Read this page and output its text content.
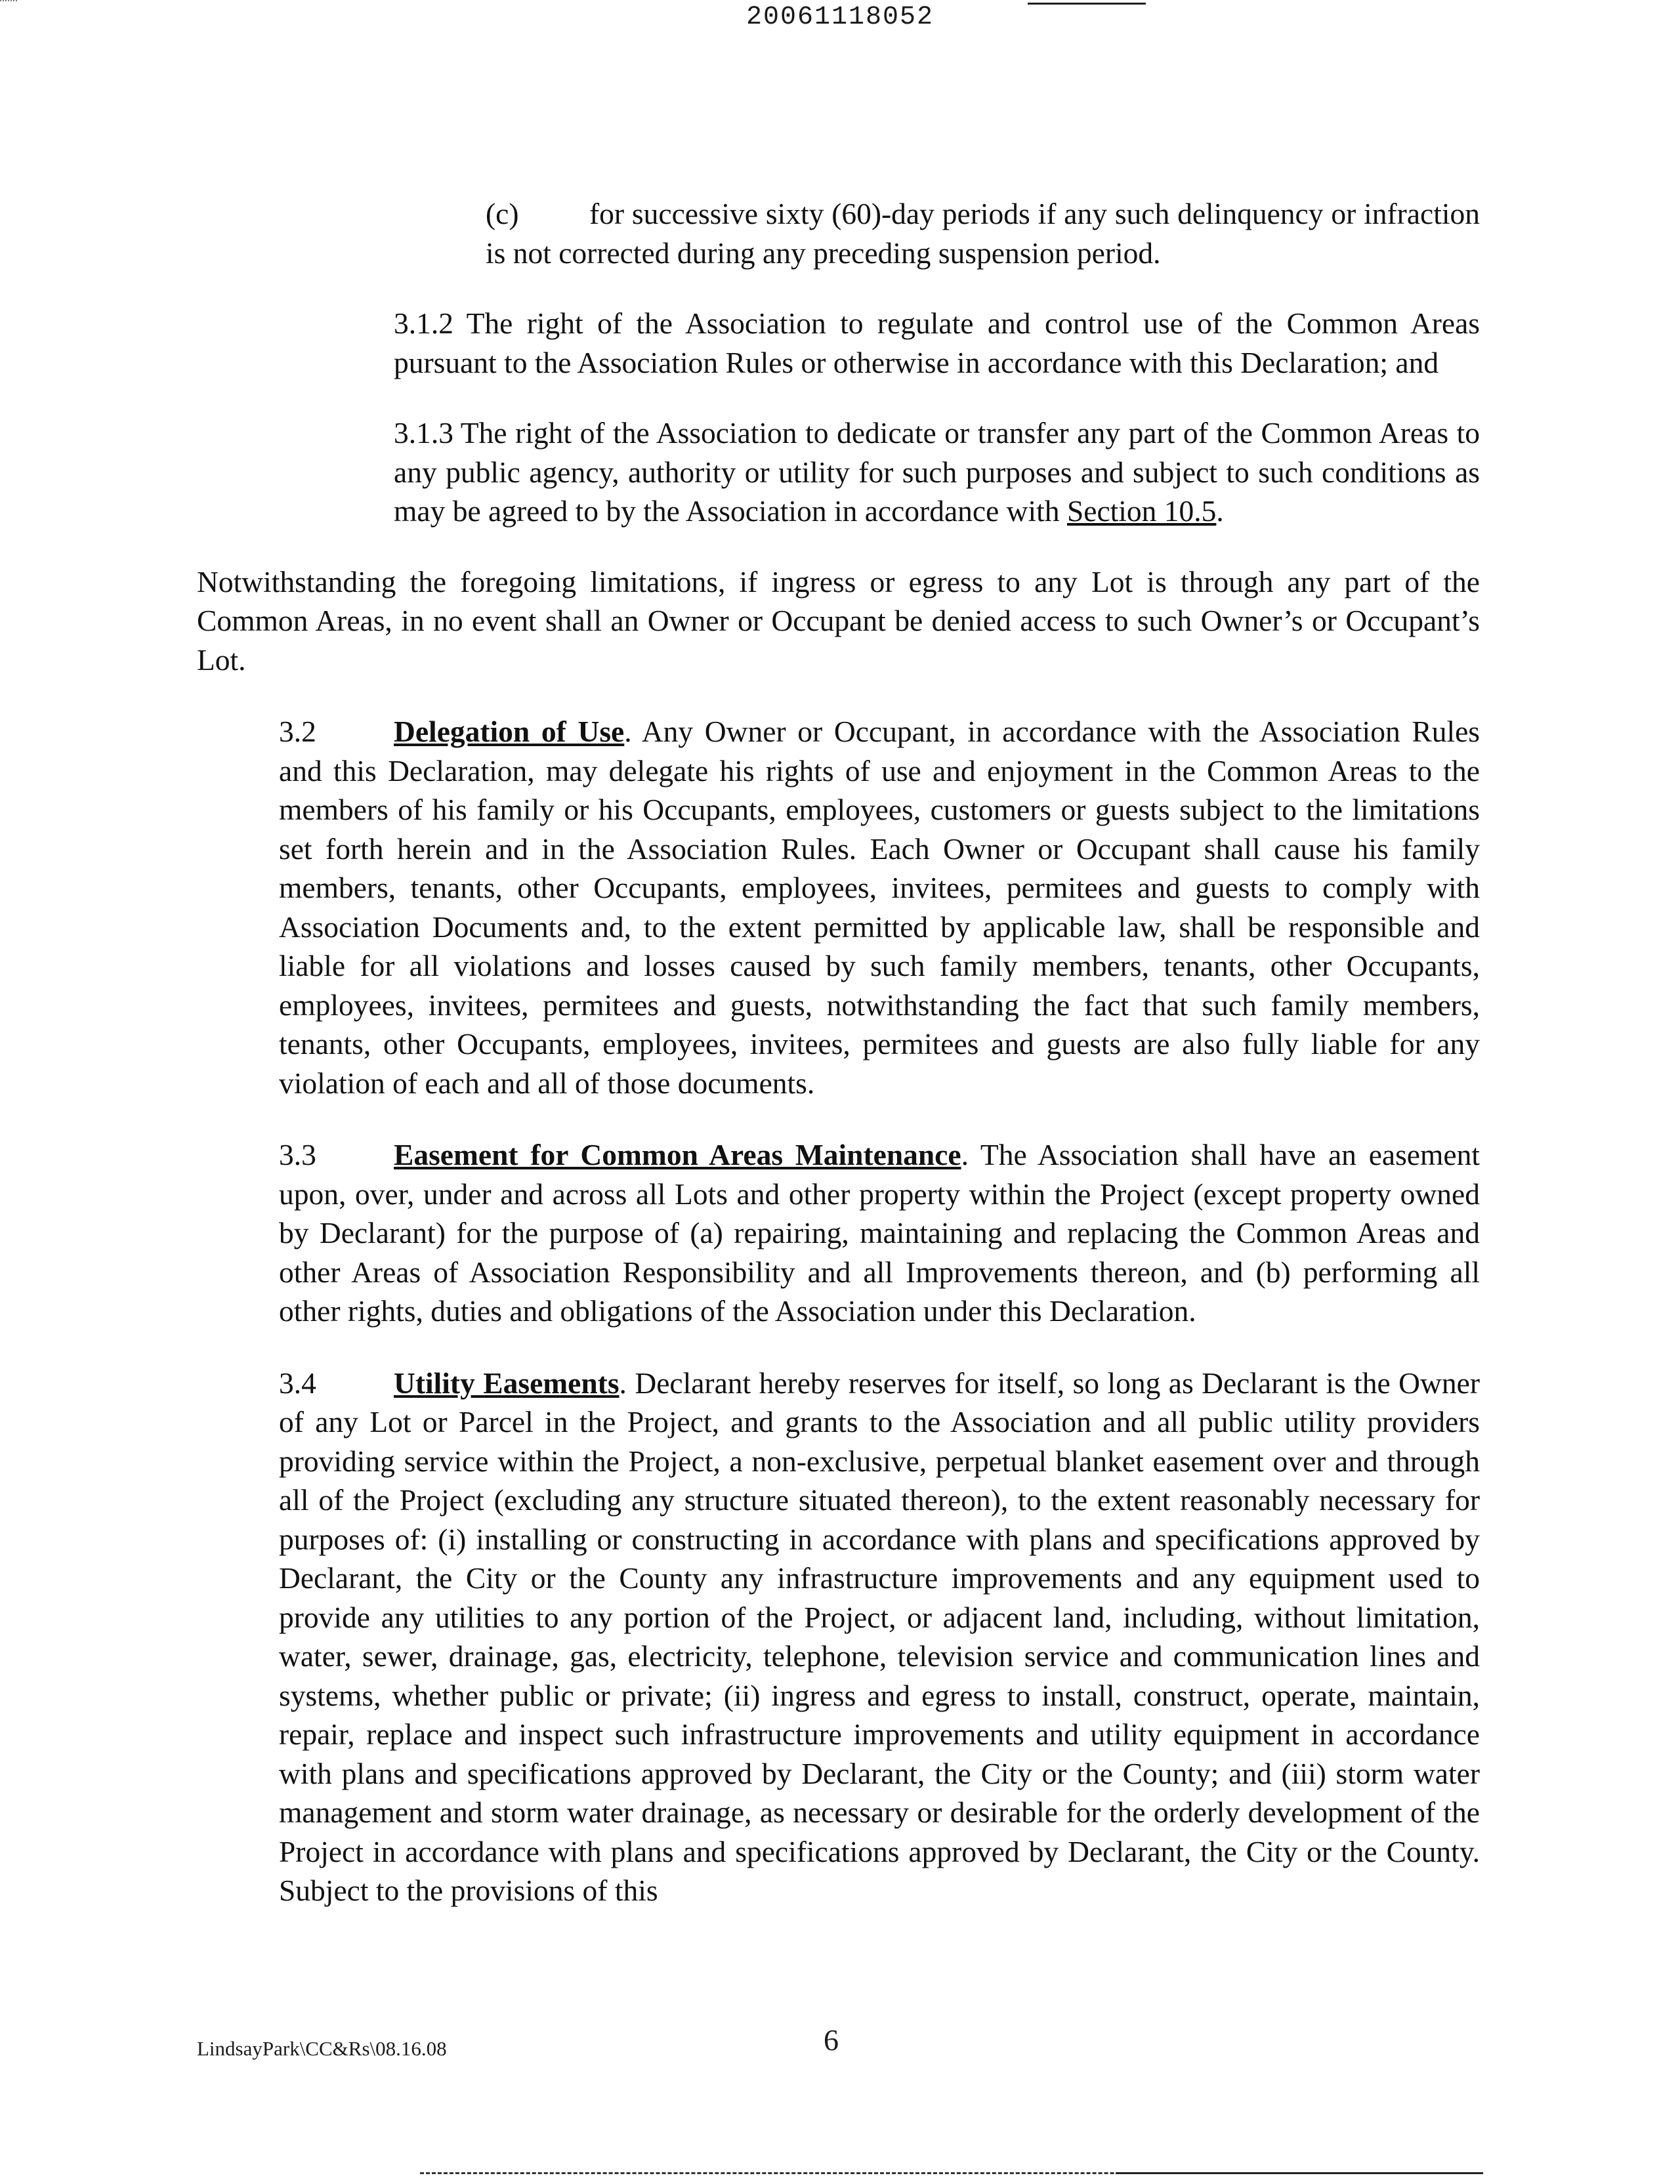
20061118052

(c) for successive sixty (60)-day periods if any such delinquency or infraction is not corrected during any preceding suspension period.

3.1.2 The right of the Association to regulate and control use of the Common Areas pursuant to the Association Rules or otherwise in accordance with this Declaration; and

3.1.3 The right of the Association to dedicate or transfer any part of the Common Areas to any public agency, authority or utility for such purposes and subject to such conditions as may be agreed to by the Association in accordance with Section 10.5.

Notwithstanding the foregoing limitations, if ingress or egress to any Lot is through any part of the Common Areas, in no event shall an Owner or Occupant be denied access to such Owner’s or Occupant’s Lot.

3.2	Delegation of Use. Any Owner or Occupant, in accordance with the Association Rules and this Declaration, may delegate his rights of use and enjoyment in the Common Areas to the members of his family or his Occupants, employees, customers or guests subject to the limitations set forth herein and in the Association Rules. Each Owner or Occupant shall cause his family members, tenants, other Occupants, employees, invitees, permitees and guests to comply with Association Documents and, to the extent permitted by applicable law, shall be responsible and liable for all violations and losses caused by such family members, tenants, other Occupants, employees, invitees, permitees and guests, notwithstanding the fact that such family members, tenants, other Occupants, employees, invitees, permitees and guests are also fully liable for any violation of each and all of those documents.

3.3	Easement for Common Areas Maintenance. The Association shall have an easement upon, over, under and across all Lots and other property within the Project (except property owned by Declarant) for the purpose of (a) repairing, maintaining and replacing the Common Areas and other Areas of Association Responsibility and all Improvements thereon, and (b) performing all other rights, duties and obligations of the Association under this Declaration.

3.4	Utility Easements. Declarant hereby reserves for itself, so long as Declarant is the Owner of any Lot or Parcel in the Project, and grants to the Association and all public utility providers providing service within the Project, a non-exclusive, perpetual blanket easement over and through all of the Project (excluding any structure situated thereon), to the extent reasonably necessary for purposes of: (i) installing or constructing in accordance with plans and specifications approved by Declarant, the City or the County any infrastructure improvements and any equipment used to provide any utilities to any portion of the Project, or adjacent land, including, without limitation, water, sewer, drainage, gas, electricity, telephone, television service and communication lines and systems, whether public or private; (ii) ingress and egress to install, construct, operate, maintain, repair, replace and inspect such infrastructure improvements and utility equipment in accordance with plans and specifications approved by Declarant, the City or the County; and (iii) storm water management and storm water drainage, as necessary or desirable for the orderly development of the Project in accordance with plans and specifications approved by Declarant, the City or the County. Subject to the provisions of this

LindsayPark\CC&Rs\08.16.08	6
